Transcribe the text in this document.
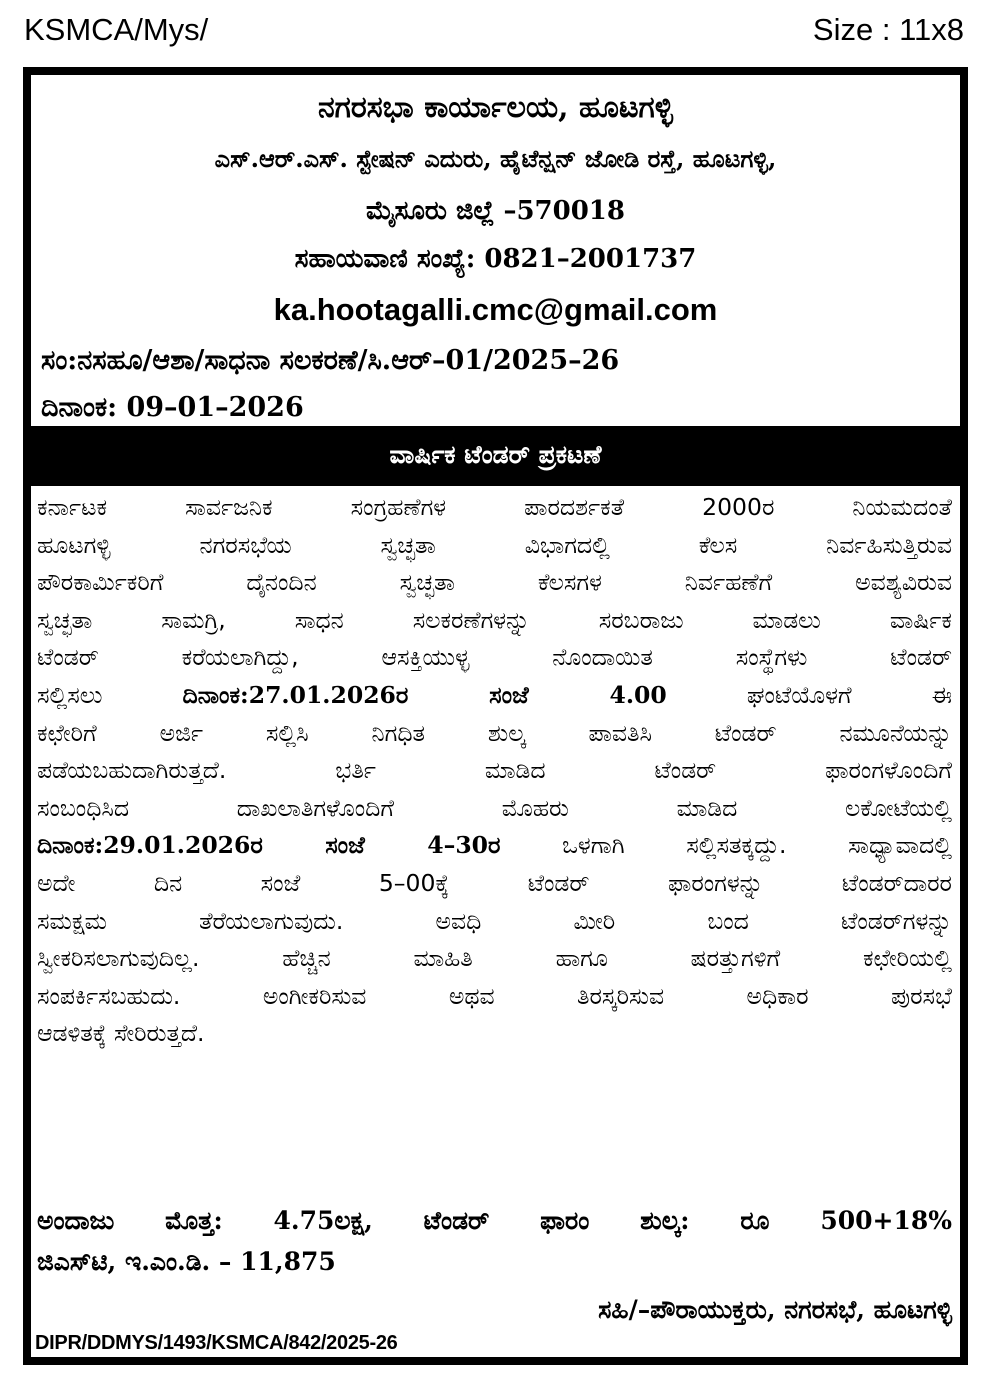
KSMCA/Mys/	Size : 11x8
ನಗರಸಭಾ ಕಾರ್ಯಾಲಯ, ಹೂಟಗಳ್ಳಿ
ಎಸ್.ಆರ್.ಎಸ್. ಸ್ಟೇಷನ್ ಎದುರು, ಹೈಟೆನ್ಷನ್ ಜೋಡಿ ರಸ್ತೆ, ಹೂಟಗಳ್ಳಿ,
ಮೈಸೂರು ಜಿಲ್ಲೆ –570018
ಸಹಾಯವಾಣಿ ಸಂಖ್ಯೆ: 0821–2001737
ka.hootagalli.cmc@gmail.com
ಸಂ:ನಸಹೂ/ಆಶಾ/ಸಾಧನಾ ಸಲಕರಣೆ/ಸಿ.ಆರ್–01/2025–26
ದಿನಾಂಕ: 09–01–2026
ವಾರ್ಷಿಕ ಟೆಂಡರ್ ಪ್ರಕಟಣೆ
ಕರ್ನಾಟಕ ಸಾರ್ವಜನಿಕ ಸಂಗ್ರಹಣೆಗಳ ಪಾರದರ್ಶಕತೆ 2000ರ ನಿಯಮದಂತೆ
ಹೂಟಗಳ್ಳಿ ನಗರಸಭೆಯ ಸ್ವಚ್ಛತಾ ವಿಭಾಗದಲ್ಲಿ ಕೆಲಸ ನಿರ್ವಹಿಸುತ್ತಿರುವ
ಪೌರಕಾರ್ಮಿಕರಿಗೆ ದೈನಂದಿನ ಸ್ವಚ್ಛತಾ ಕೆಲಸಗಳ ನಿರ್ವಹಣೆಗೆ ಅವಶ್ಯವಿರುವ
ಸ್ವಚ್ಛತಾ ಸಾಮಗ್ರಿ, ಸಾಧನ ಸಲಕರಣೆಗಳನ್ನು ಸರಬರಾಜು ಮಾಡಲು ವಾರ್ಷಿಕ
ಟೆಂಡರ್ ಕರೆಯಲಾಗಿದ್ದು, ಆಸಕ್ತಿಯುಳ್ಳ ನೊಂದಾಯಿತ ಸಂಸ್ಥೆಗಳು ಟೆಂಡರ್
ಸಲ್ಲಿಸಲು ದಿನಾಂಕ:27.01.2026ರ ಸಂಜೆ 4.00 ಘಂಟೆಯೊಳಗೆ ಈ
ಕಛೇರಿಗೆ ಅರ್ಜಿ ಸಲ್ಲಿಸಿ ನಿಗಧಿತ ಶುಲ್ಕ ಪಾವತಿಸಿ ಟೆಂಡರ್ ನಮೂನೆಯನ್ನು
ಪಡೆಯಬಹುದಾಗಿರುತ್ತದೆ. ಭರ್ತಿ ಮಾಡಿದ ಟೆಂಡರ್ ಫಾರಂಗಳೊಂದಿಗೆ
ಸಂಬಂಧಿಸಿದ ದಾಖಲಾತಿಗಳೊಂದಿಗೆ ಮೊಹರು ಮಾಡಿದ ಲಕೋಟೆಯಲ್ಲಿ
ದಿನಾಂಕ:29.01.2026ರ ಸಂಜೆ 4–30ರ ಒಳಗಾಗಿ ಸಲ್ಲಿಸತಕ್ಕದ್ದು. ಸಾಧ್ಯಾವಾದಲ್ಲಿ
ಅದೇ ದಿನ ಸಂಜೆ 5–00ಕ್ಕೆ ಟೆಂಡರ್ ಫಾರಂಗಳನ್ನು ಟೆಂಡರ್‌ದಾರರ
ಸಮಕ್ಷಮ ತೆರೆಯಲಾಗುವುದು. ಅವಧಿ ಮೀರಿ ಬಂದ ಟೆಂಡರ್‌ಗಳನ್ನು
ಸ್ವೀಕರಿಸಲಾಗುವುದಿಲ್ಲ. ಹೆಚ್ಚಿನ ಮಾಹಿತಿ ಹಾಗೂ ಷರತ್ತುಗಳಿಗೆ ಕಛೇರಿಯಲ್ಲಿ
ಸಂಪರ್ಕಿಸಬಹುದು. ಅಂಗೀಕರಿಸುವ ಅಥವ ತಿರಸ್ಕರಿಸುವ ಅಧಿಕಾರ ಪುರಸಭೆ
ಆಡಳಿತಕ್ಕೆ ಸೇರಿರುತ್ತದೆ.
ಅಂದಾಜು ಮೊತ್ತ: 4.75ಲಕ್ಷ, ಟೆಂಡರ್ ಫಾರಂ ಶುಲ್ಕ: ರೂ 500+18%
ಜಿಎಸ್‌ಟಿ, ಇ.ಎಂ.ಡಿ. – 11,875
ಸಹಿ/–ಪೌರಾಯುಕ್ತರು, ನಗರಸಭೆ, ಹೂಟಗಳ್ಳಿ
DIPR/DDMYS/1493/KSMCA/842/2025-26
